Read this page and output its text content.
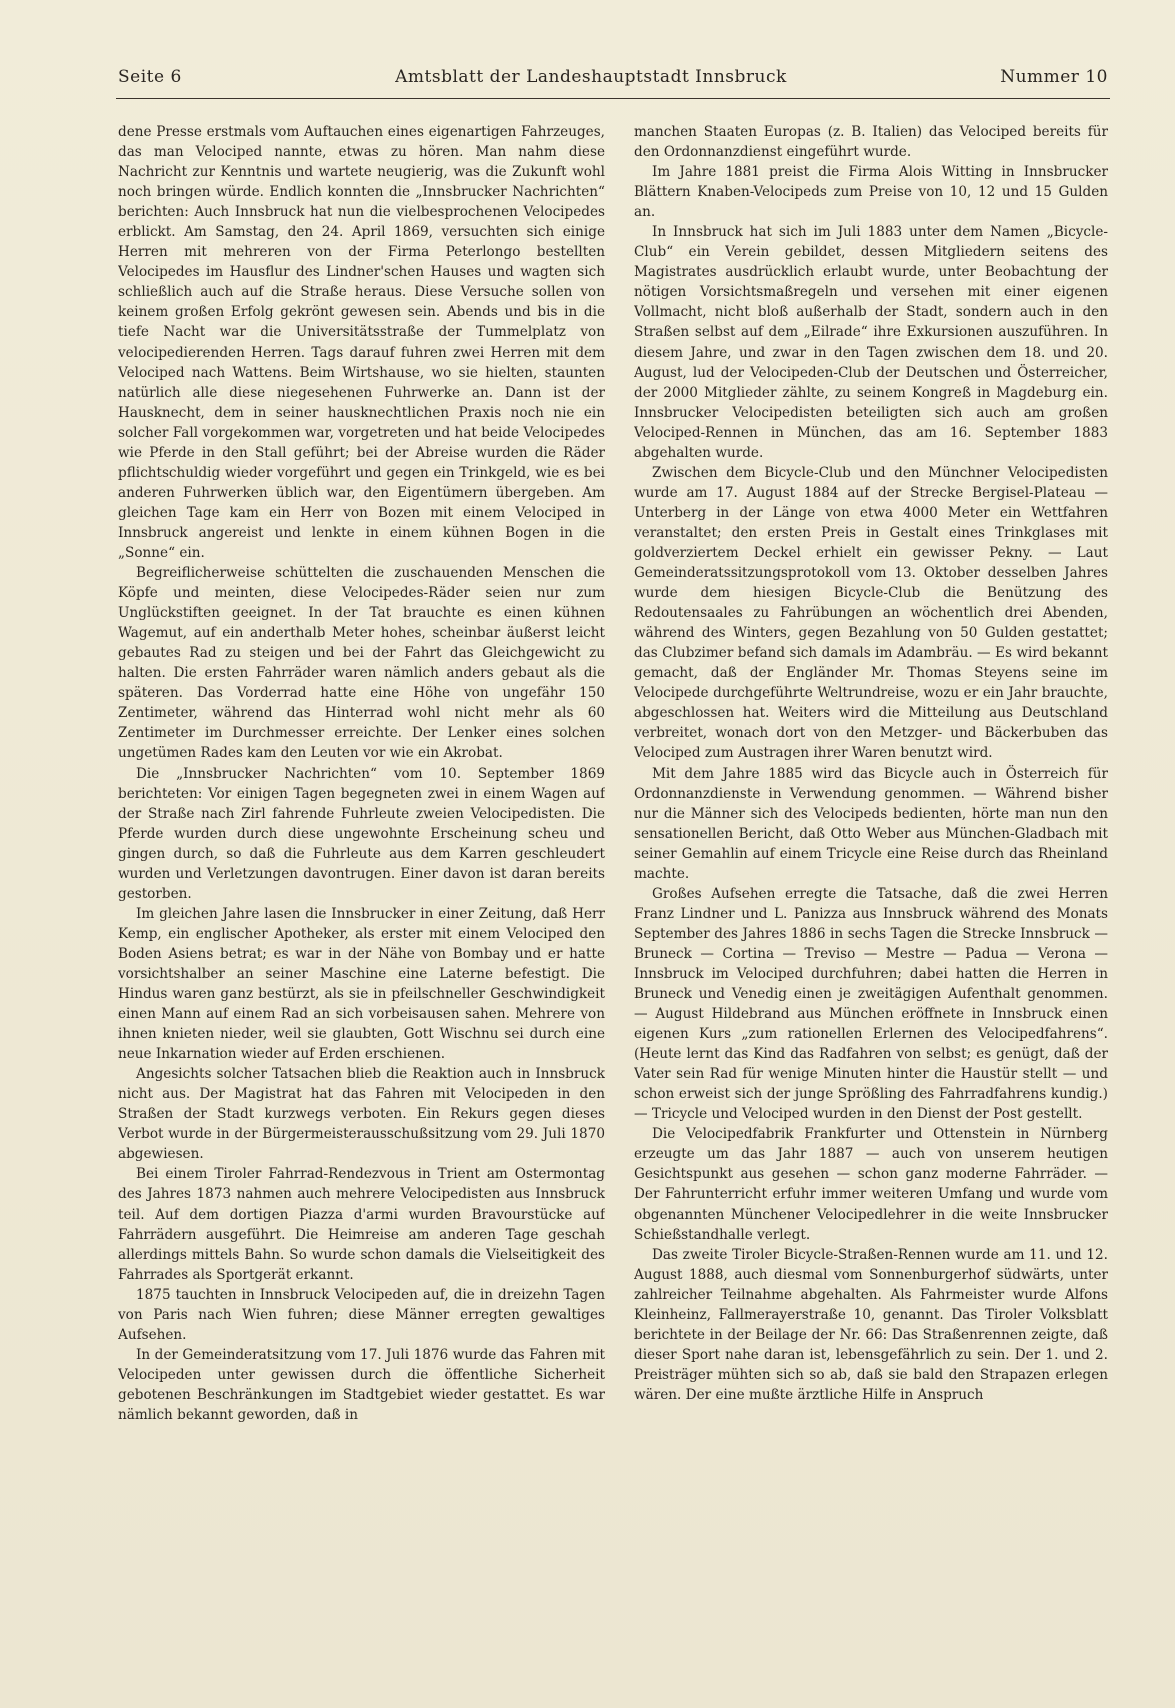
Seite 6	Amtsblatt der Landeshauptstadt Innsbruck	Nummer 10

dene Presse erstmals vom Auftauchen eines eigenartigen Fahrzeuges, das man Velociped nannte, etwas zu hören. Man nahm diese Nachricht zur Kenntnis und wartete neugierig, was die Zukunft wohl noch bringen würde. Endlich konnten die „Innsbrucker Nachrichten“ berichten: Auch Innsbruck hat nun die vielbesprochenen Velocipedes erblickt. Am Samstag, den 24. April 1869, versuchten sich einige Herren mit mehreren von der Firma Peterlongo bestellten Velocipedes im Hausflur des Lindner'schen Hauses und wagten sich schließlich auch auf die Straße heraus. Diese Versuche sollen von keinem großen Erfolg gekrönt gewesen sein. Abends und bis in die tiefe Nacht war die Universitätsstraße der Tummelplatz von velocipedierenden Herren. Tags darauf fuhren zwei Herren mit dem Velociped nach Wattens. Beim Wirtshause, wo sie hielten, staunten natürlich alle diese niegesehenen Fuhrwerke an. Dann ist der Hausknecht, dem in seiner hausknechtlichen Praxis noch nie ein solcher Fall vorgekommen war, vorgetreten und hat beide Velocipedes wie Pferde in den Stall geführt; bei der Abreise wurden die Räder pflichtschuldig wieder vorgeführt und gegen ein Trinkgeld, wie es bei anderen Fuhrwerken üblich war, den Eigentümern übergeben. Am gleichen Tage kam ein Herr von Bozen mit einem Velociped in Innsbruck angereist und lenkte in einem kühnen Bogen in die „Sonne“ ein.

Begreiflicherweise schüttelten die zuschauenden Menschen die Köpfe und meinten, diese Velocipedes-Räder seien nur zum Unglückstiften geeignet. In der Tat brauchte es einen kühnen Wagemut, auf ein anderthalb Meter hohes, scheinbar äußerst leicht gebautes Rad zu steigen und bei der Fahrt das Gleichgewicht zu halten. Die ersten Fahrräder waren nämlich anders gebaut als die späteren. Das Vorderrad hatte eine Höhe von ungefähr 150 Zentimeter, während das Hinterrad wohl nicht mehr als 60 Zentimeter im Durchmesser erreichte. Der Lenker eines solchen ungetümen Rades kam den Leuten vor wie ein Akrobat.

Die „Innsbrucker Nachrichten“ vom 10. September 1869 berichteten: Vor einigen Tagen begegneten zwei in einem Wagen auf der Straße nach Zirl fahrende Fuhrleute zweien Velocipedisten. Die Pferde wurden durch diese ungewohnte Erscheinung scheu und gingen durch, so daß die Fuhrleute aus dem Karren geschleudert wurden und Verletzungen davontrugen. Einer davon ist daran bereits gestorben.

Im gleichen Jahre lasen die Innsbrucker in einer Zeitung, daß Herr Kemp, ein englischer Apotheker, als erster mit einem Velociped den Boden Asiens betrat; es war in der Nähe von Bombay und er hatte vorsichtshalber an seiner Maschine eine Laterne befestigt. Die Hindus waren ganz bestürzt, als sie in pfeilschneller Geschwindigkeit einen Mann auf einem Rad an sich vorbeisausen sahen. Mehrere von ihnen knieten nieder, weil sie glaubten, Gott Wischnu sei durch eine neue Inkarnation wieder auf Erden erschienen.

Angesichts solcher Tatsachen blieb die Reaktion auch in Innsbruck nicht aus. Der Magistrat hat das Fahren mit Velocipeden in den Straßen der Stadt kurzwegs verboten. Ein Rekurs gegen dieses Verbot wurde in der Bürgermeisterausschußsitzung vom 29. Juli 1870 abgewiesen.

Bei einem Tiroler Fahrrad-Rendezvous in Trient am Ostermontag des Jahres 1873 nahmen auch mehrere Velocipedisten aus Innsbruck teil. Auf dem dortigen Piazza d'armi wurden Bravourstücke auf Fahrrädern ausgeführt. Die Heimreise am anderen Tage geschah allerdings mittels Bahn. So wurde schon damals die Vielseitigkeit des Fahrrades als Sportgerät erkannt.

1875 tauchten in Innsbruck Velocipeden auf, die in dreizehn Tagen von Paris nach Wien fuhren; diese Männer erregten gewaltiges Aufsehen.

In der Gemeinderatsitzung vom 17. Juli 1876 wurde das Fahren mit Velocipeden unter gewissen durch die öffentliche Sicherheit gebotenen Beschränkungen im Stadtgebiet wieder gestattet. Es war nämlich bekannt geworden, daß in

manchen Staaten Europas (z. B. Italien) das Velociped bereits für den Ordonnanzdienst eingeführt wurde.

Im Jahre 1881 preist die Firma Alois Witting in Innsbrucker Blättern Knaben-Velocipeds zum Preise von 10, 12 und 15 Gulden an.

In Innsbruck hat sich im Juli 1883 unter dem Namen „Bicycle-Club“ ein Verein gebildet, dessen Mitgliedern seitens des Magistrates ausdrücklich erlaubt wurde, unter Beobachtung der nötigen Vorsichtsmaßregeln und versehen mit einer eigenen Vollmacht, nicht bloß außerhalb der Stadt, sondern auch in den Straßen selbst auf dem „Eilrade“ ihre Exkursionen auszuführen. In diesem Jahre, und zwar in den Tagen zwischen dem 18. und 20. August, lud der Velocipeden-Club der Deutschen und Österreicher, der 2000 Mitglieder zählte, zu seinem Kongreß in Magdeburg ein. Innsbrucker Velocipedisten beteiligten sich auch am großen Velociped-Rennen in München, das am 16. September 1883 abgehalten wurde.

Zwischen dem Bicycle-Club und den Münchner Velocipedisten wurde am 17. August 1884 auf der Strecke Bergisel-Plateau — Unterberg in der Länge von etwa 4000 Meter ein Wettfahren veranstaltet; den ersten Preis in Gestalt eines Trinkglases mit goldverziertem Deckel erhielt ein gewisser Pekny. — Laut Gemeinderatssitzungsprotokoll vom 13. Oktober desselben Jahres wurde dem hiesigen Bicycle-Club die Benützung des Redoutensaales zu Fahrübungen an wöchentlich drei Abenden, während des Winters, gegen Bezahlung von 50 Gulden gestattet; das Clubzimer befand sich damals im Adambräu. — Es wird bekannt gemacht, daß der Engländer Mr. Thomas Steyens seine im Velocipede durchgeführte Weltrundreise, wozu er ein Jahr brauchte, abgeschlossen hat. Weiters wird die Mitteilung aus Deutschland verbreitet, wonach dort von den Metzger- und Bäckerbuben das Velociped zum Austragen ihrer Waren benutzt wird.

Mit dem Jahre 1885 wird das Bicycle auch in Österreich für Ordonnanzdienste in Verwendung genommen. — Während bisher nur die Männer sich des Velocipeds bedienten, hörte man nun den sensationellen Bericht, daß Otto Weber aus München-Gladbach mit seiner Gemahlin auf einem Tricycle eine Reise durch das Rheinland machte.

Großes Aufsehen erregte die Tatsache, daß die zwei Herren Franz Lindner und L. Panizza aus Innsbruck während des Monats September des Jahres 1886 in sechs Tagen die Strecke Innsbruck — Bruneck — Cortina — Treviso — Mestre — Padua — Verona — Innsbruck im Velociped durchfuhren; dabei hatten die Herren in Bruneck und Venedig einen je zweitägigen Aufenthalt genommen. — August Hildebrand aus München eröffnete in Innsbruck einen eigenen Kurs „zum rationellen Erlernen des Velocipedfahrens“. (Heute lernt das Kind das Radfahren von selbst; es genügt, daß der Vater sein Rad für wenige Minuten hinter die Haustür stellt — und schon erweist sich der junge Sprößling des Fahrradfahrens kundig.) — Tricycle und Velociped wurden in den Dienst der Post gestellt.

Die Velocipedfabrik Frankfurter und Ottenstein in Nürnberg erzeugte um das Jahr 1887 — auch von unserem heutigen Gesichtspunkt aus gesehen — schon ganz moderne Fahrräder. — Der Fahrunterricht erfuhr immer weiteren Umfang und wurde vom obgenannten Münchener Velocipedlehrer in die weite Innsbrucker Schießstandhalle verlegt.

Das zweite Tiroler Bicycle-Straßen-Rennen wurde am 11. und 12. August 1888, auch diesmal vom Sonnenburgerhof südwärts, unter zahlreicher Teilnahme abgehalten. Als Fahrmeister wurde Alfons Kleinheinz, Fallmerayerstraße 10, genannt. Das Tiroler Volksblatt berichtete in der Beilage der Nr. 66: Das Straßenrennen zeigte, daß dieser Sport nahe daran ist, lebensgefährlich zu sein. Der 1. und 2. Preisträger mühten sich so ab, daß sie bald den Strapazen erlegen wären. Der eine mußte ärztliche Hilfe in Anspruch
